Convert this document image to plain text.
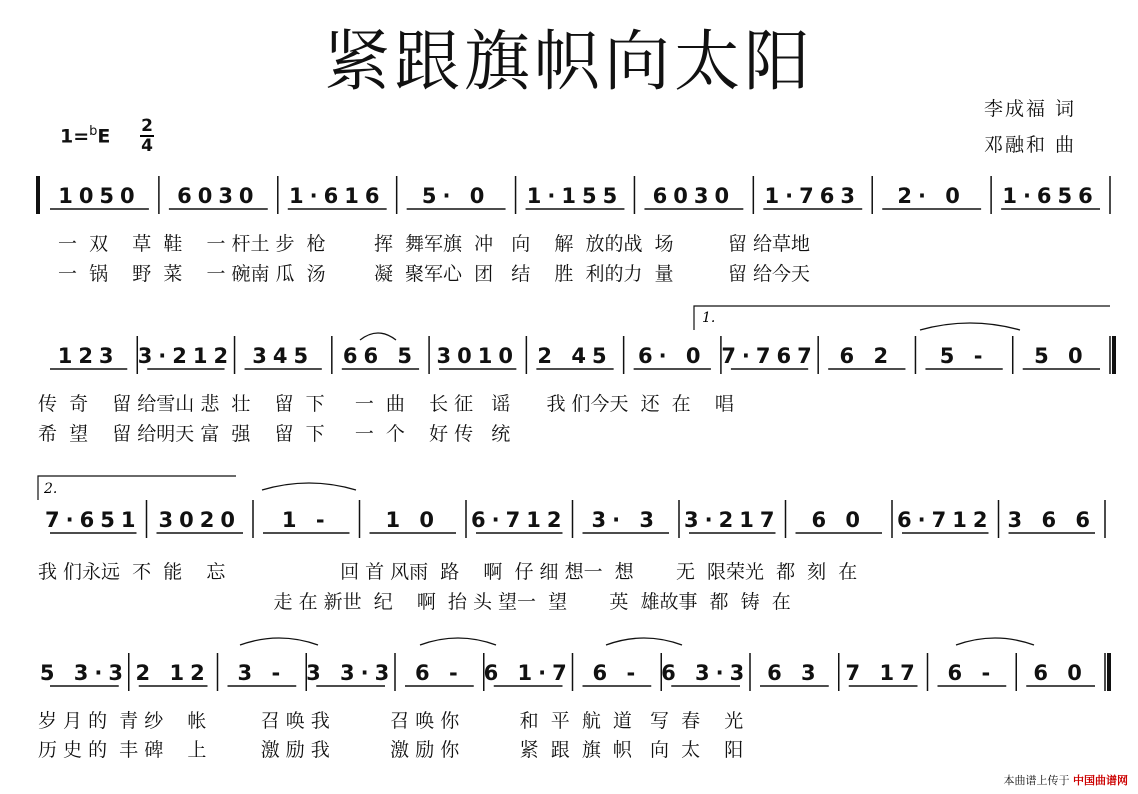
紧跟旗帜向太阳
李成福 词
邓融和 曲
1=$^b$E 2
4
1050 6030 1·616 5· 0 1·155 6030 1·763 2· 0 1·656
123 3·212 345 66 5 3010 2 45 6· 0 7·767 6 2 5 - 5 0
7·651 3020 1 -	1 0 6·712 3· 3 3·217 6 0 6·712 3 6 6
5 3·3 2 12 3 - 3 3·3 6 - 6 1·7 6 - 6 3·3 6 3 7 17 6 - 6 0
1.
2.
一  双    草  鞋    一 杆土 步  枪        挥  舞军旗  冲   向    解  放的战  场         留 给草地
一  锅    野  菜    一 碗南 瓜  汤        凝  聚军心  团   结    胜  利的力  量         留 给今天
传  奇    留 给雪山 悲  壮    留  下     一  曲    长 征   谣      我 们今天  还  在    唱
希  望    留 给明天 富  强    留  下     一  个    好 传   统
我 们永远  不  能    忘                   回 首 风雨  路    啊  仔 细 想一  想       无  限荣光  都  刻  在
走 在 新世  纪    啊  抬 头 望一  望       英  雄故事  都  铸  在
岁 月 的  青 纱    帐         召 唤 我          召 唤 你          和  平  航  道   写  春    光
历 史 的  丰 碑    上         激 励 我          激 励 你          紧  跟  旗  帜   向  太    阳
本曲谱上传于 中国曲谱网
